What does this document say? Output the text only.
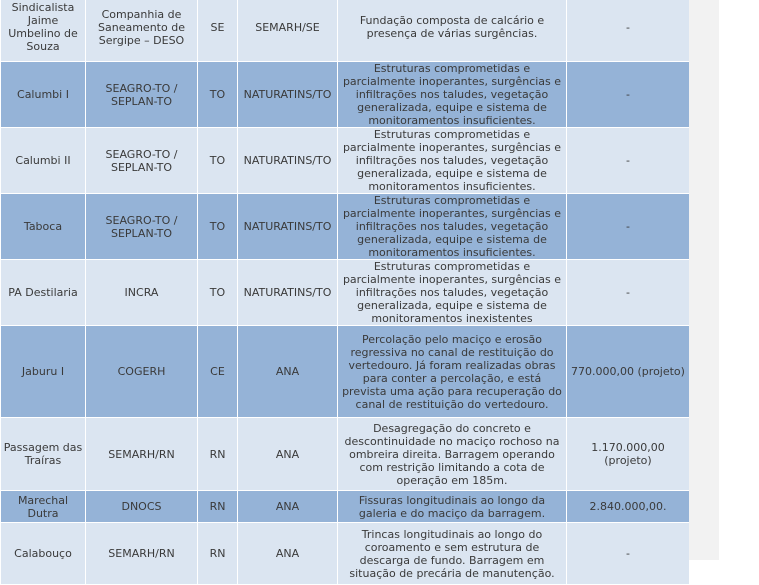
Sindicalista Jaime Umbelino de Souza	Companhia de Saneamento de Sergipe – DESO	SE	SEMARH/SE	Fundação composta de calcário e presença de várias surgências.	-
Calumbi I	SEAGRO-TO / SEPLAN-TO	TO	NATURATINS/TO	Estruturas comprometidas e parcialmente inoperantes, surgências e infiltrações nos taludes, vegetação generalizada, equipe e sistema de monitoramentos insuficientes.	-
Calumbi II	SEAGRO-TO / SEPLAN-TO	TO	NATURATINS/TO	Estruturas comprometidas e parcialmente inoperantes, surgências e infiltrações nos taludes, vegetação generalizada, equipe e sistema de monitoramentos insuficientes.	-
Taboca	SEAGRO-TO / SEPLAN-TO	TO	NATURATINS/TO	Estruturas comprometidas e parcialmente inoperantes, surgências e infiltrações nos taludes, vegetação generalizada, equipe e sistema de monitoramentos insuficientes.	-
PA Destilaria	INCRA	TO	NATURATINS/TO	Estruturas comprometidas e parcialmente inoperantes, surgências e infiltrações nos taludes, vegetação generalizada, equipe e sistema de monitoramentos inexistentes	-
Jaburu I	COGERH	CE	ANA	Percolação pelo maciço e erosão regressiva no canal de restituição do vertedouro. Já foram realizadas obras para conter a percolação, e está prevista uma ação para recuperação do canal de restituição do vertedouro.	770.000,00 (projeto)
Passagem das Traíras	SEMARH/RN	RN	ANA	Desagregação do concreto e descontinuidade no maciço rochoso na ombreira direita. Barragem operando com restrição limitando a cota de operação em 185m.	1.170.000,00 (projeto)
Marechal Dutra	DNOCS	RN	ANA	Fissuras longitudinais ao longo da galeria e do maciço da barragem.	2.840.000,00.
Calabouço	SEMARH/RN	RN	ANA	Trincas longitudinais ao longo do coroamento e sem estrutura de descarga de fundo. Barragem em situação de precária de manutenção.	-
